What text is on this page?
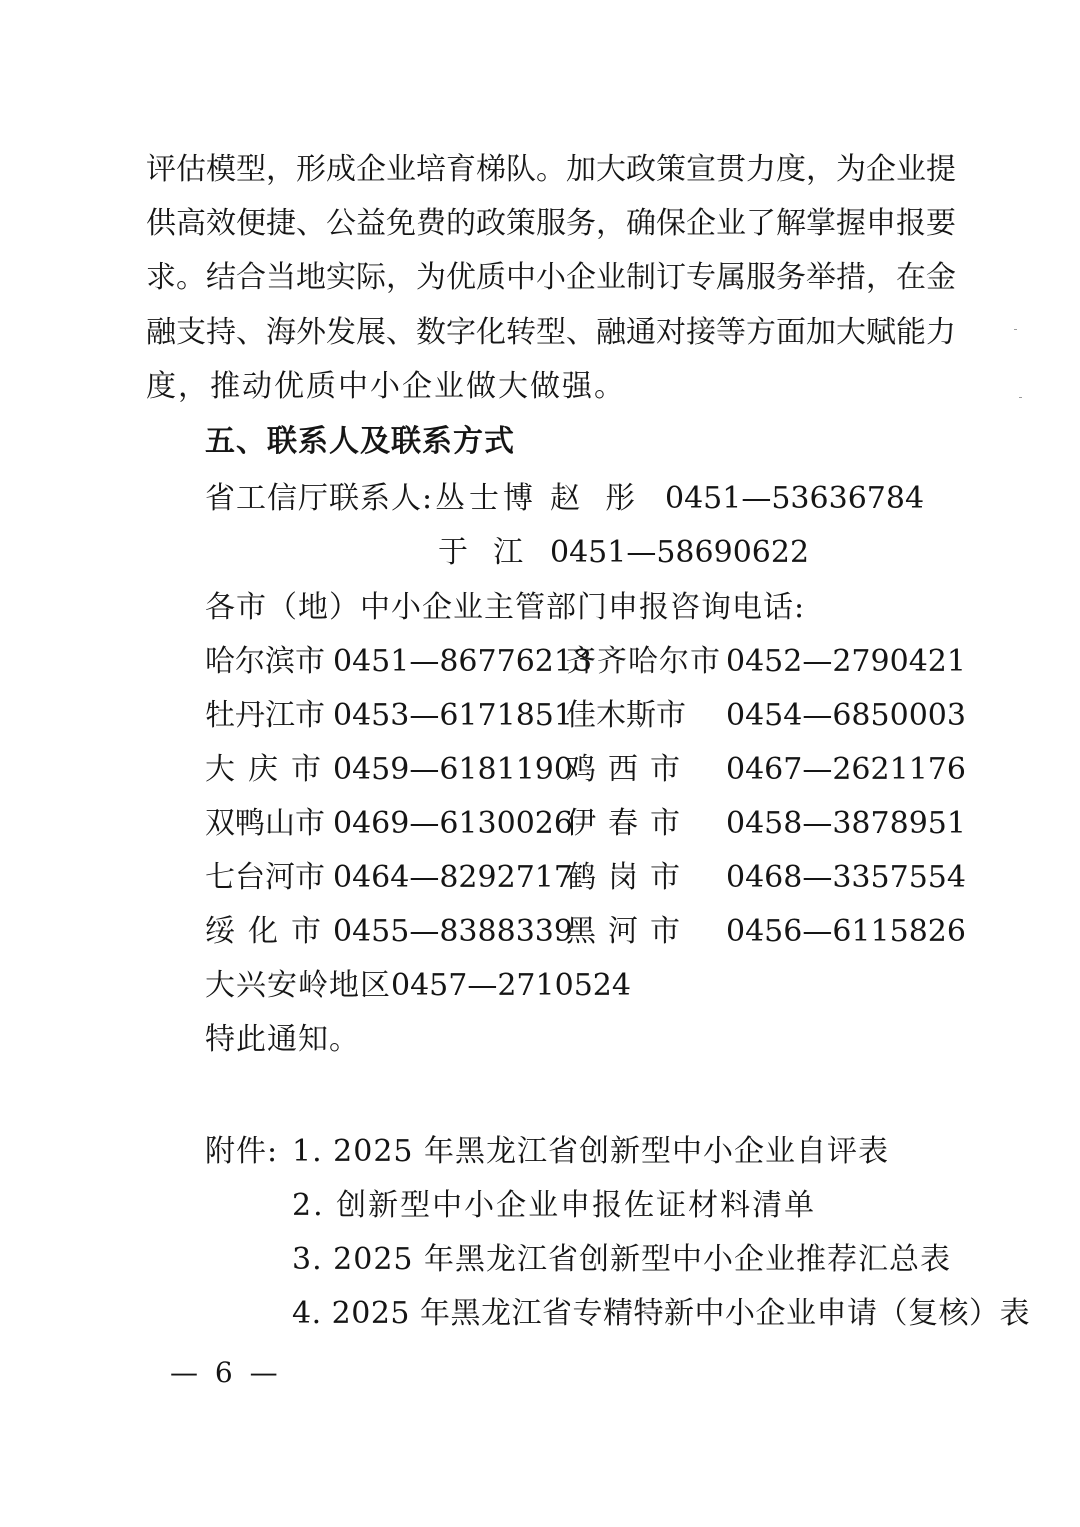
评估模型，形成企业培育梯队。加大政策宣贯力度，为企业提
供高效便捷、公益免费的政策服务，确保企业了解掌握申报要
求。结合当地实际，为优质中小企业制订专属服务举措，在金
融支持、海外发展、数字化转型、融通对接等方面加大赋能力
度，推动优质中小企业做大做强。
五、联系人及联系方式
省工信厅联系人: 丛士博 赵  彤 0451—53636784
于  江 0451—58690622
各市（地）中小企业主管部门申报咨询电话:
哈尔滨市 0451—86776213
牡丹江市 0453—6171851
大 庆 市 0459—6181190
双鸭山市 0469—6130026
七台河市 0464—8292717
绥 化 市 0455—8388339
齐齐哈尔市 0452—2790421
佳木斯市 0454—6850003
鸡 西 市 0467—2621176
伊 春 市 0458—3878951
鹤 岗 市 0468—3357554
黑 河 市 0456—6115826
大兴安岭地区 0457—2710524
特此通知。
附件: 1. 2025 年黑龙江省创新型中小企业自评表
2. 创新型中小企业申报佐证材料清单
3. 2025 年黑龙江省创新型中小企业推荐汇总表
4. 2025 年黑龙江省专精特新中小企业申请（复核）表
— 6 —
